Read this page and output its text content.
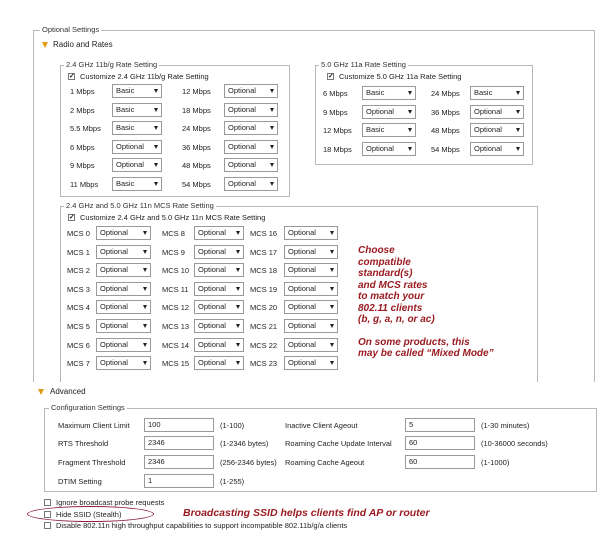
Optional Settings
Radio and Rates
2.4 GHz 11b/g Rate Setting
✓
Customize 2.4 GHz 11b/g Rate Setting
5.0 GHz 11a Rate Setting
✓
Customize 5.0 GHz 11a Rate Setting
2.4 GHz and 5.0 GHz 11n MCS Rate Setting
✓
Customize 2.4 GHz and 5.0 GHz 11n MCS Rate Setting
Choose
compatible
standard(s)
and MCS rates
to match your
802.11 clients
(b, g, a, n, or ac)
On some products, this
may be called “Mixed Mode”
Advanced
Configuration Settings
Broadcasting SSID helps clients find AP or router
1 Mbps	Basic	12 Mbps	Optional
2 Mbps	Basic	18 Mbps	Optional
5.5 Mbps	Basic	24 Mbps	Optional
6 Mbps	Optional	36 Mbps	Optional
9 Mbps	Optional	48 Mbps	Optional
11 Mbps	Basic	54 Mbps	Optional
6 Mbps	Basic	24 Mbps	Basic
9 Mbps	Optional	36 Mbps	Optional
12 Mbps	Basic	48 Mbps	Optional
18 Mbps	Optional	54 Mbps	Optional
MCS 0	Optional	MCS 8	Optional	MCS 16	Optional
MCS 1	Optional	MCS 9	Optional	MCS 17	Optional
MCS 2	Optional	MCS 10	Optional	MCS 18	Optional
MCS 3	Optional	MCS 11	Optional	MCS 19	Optional
MCS 4	Optional	MCS 12	Optional	MCS 20	Optional
MCS 5	Optional	MCS 13	Optional	MCS 21	Optional
MCS 6	Optional	MCS 14	Optional	MCS 22	Optional
MCS 7	Optional	MCS 15	Optional	MCS 23	Optional
Maximum Client Limit	100	(1-100)
RTS Threshold	2346	(1-2346 bytes)
Fragment Threshold	2346	(256-2346 bytes)
DTIM Setting	1	(1-255)
Inactive Client Ageout	5	(1-30 minutes)
Roaming Cache Update Interval	60	(10-36000 seconds)
Roaming Cache Ageout	60	(1-1000)
Ignore broadcast probe requests
Hide SSID (Stealth)
Disable 802.11n high throughput capabilities to support incompatible 802.11b/g/a clients
